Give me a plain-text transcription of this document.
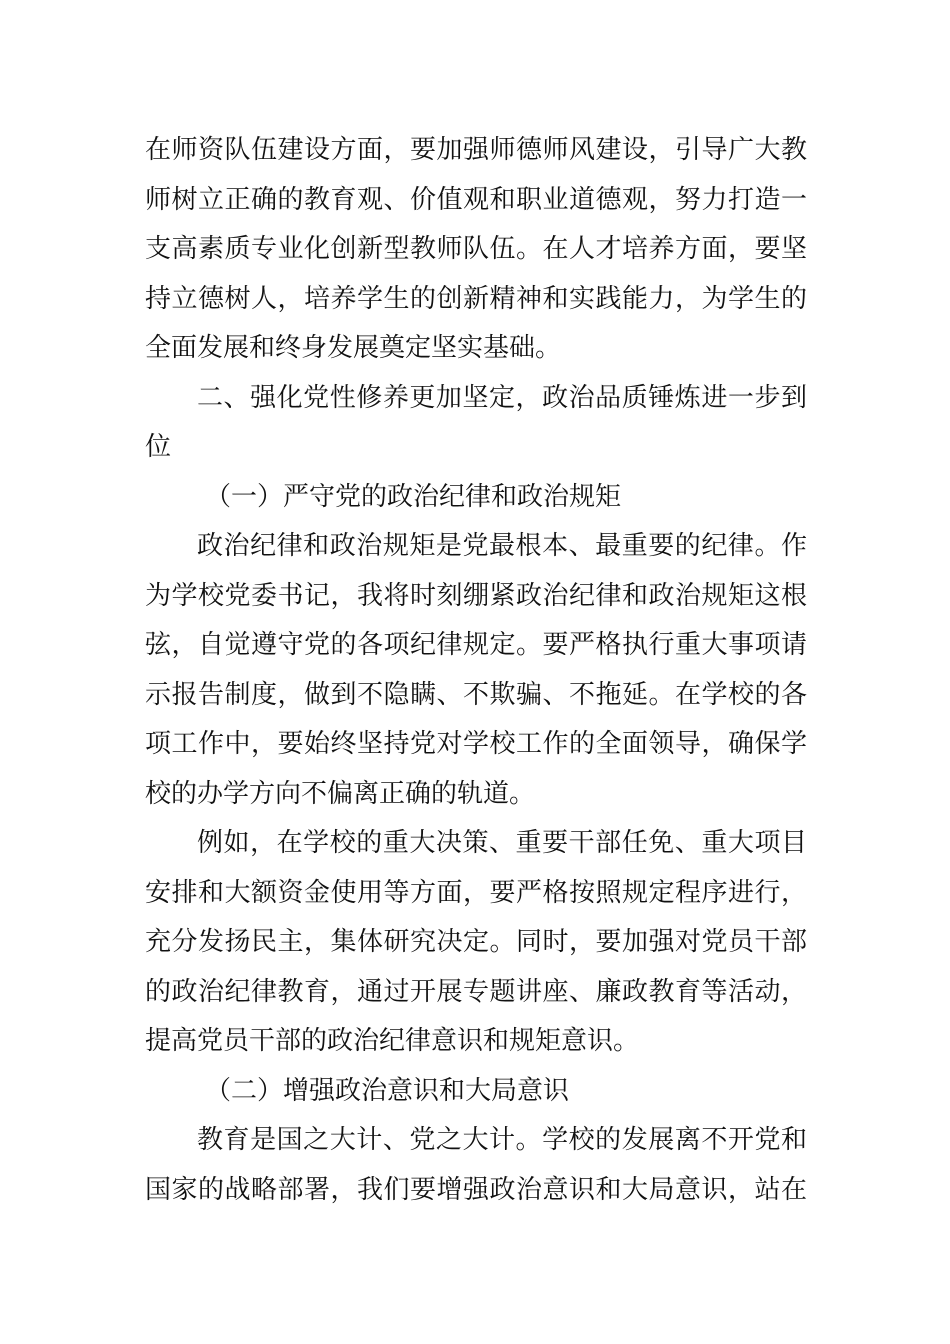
在师资队伍建设方面，要加强师德师风建设，引导广大教
师树立正确的教育观、价值观和职业道德观，努力打造一
支高素质专业化创新型教师队伍。在人才培养方面，要坚
持立德树人，培养学生的创新精神和实践能力，为学生的
全面发展和终身发展奠定坚实基础。
二、强化党性修养更加坚定，政治品质锤炼进一步到
位
（一）严守党的政治纪律和政治规矩
政治纪律和政治规矩是党最根本、最重要的纪律。作
为学校党委书记，我将时刻绷紧政治纪律和政治规矩这根
弦，自觉遵守党的各项纪律规定。要严格执行重大事项请
示报告制度，做到不隐瞒、不欺骗、不拖延。在学校的各
项工作中，要始终坚持党对学校工作的全面领导，确保学
校的办学方向不偏离正确的轨道。
例如，在学校的重大决策、重要干部任免、重大项目
安排和大额资金使用等方面，要严格按照规定程序进行，
充分发扬民主，集体研究决定。同时，要加强对党员干部
的政治纪律教育，通过开展专题讲座、廉政教育等活动，
提高党员干部的政治纪律意识和规矩意识。
（二）增强政治意识和大局意识
教育是国之大计、党之大计。学校的发展离不开党和
国家的战略部署，我们要增强政治意识和大局意识，站在
